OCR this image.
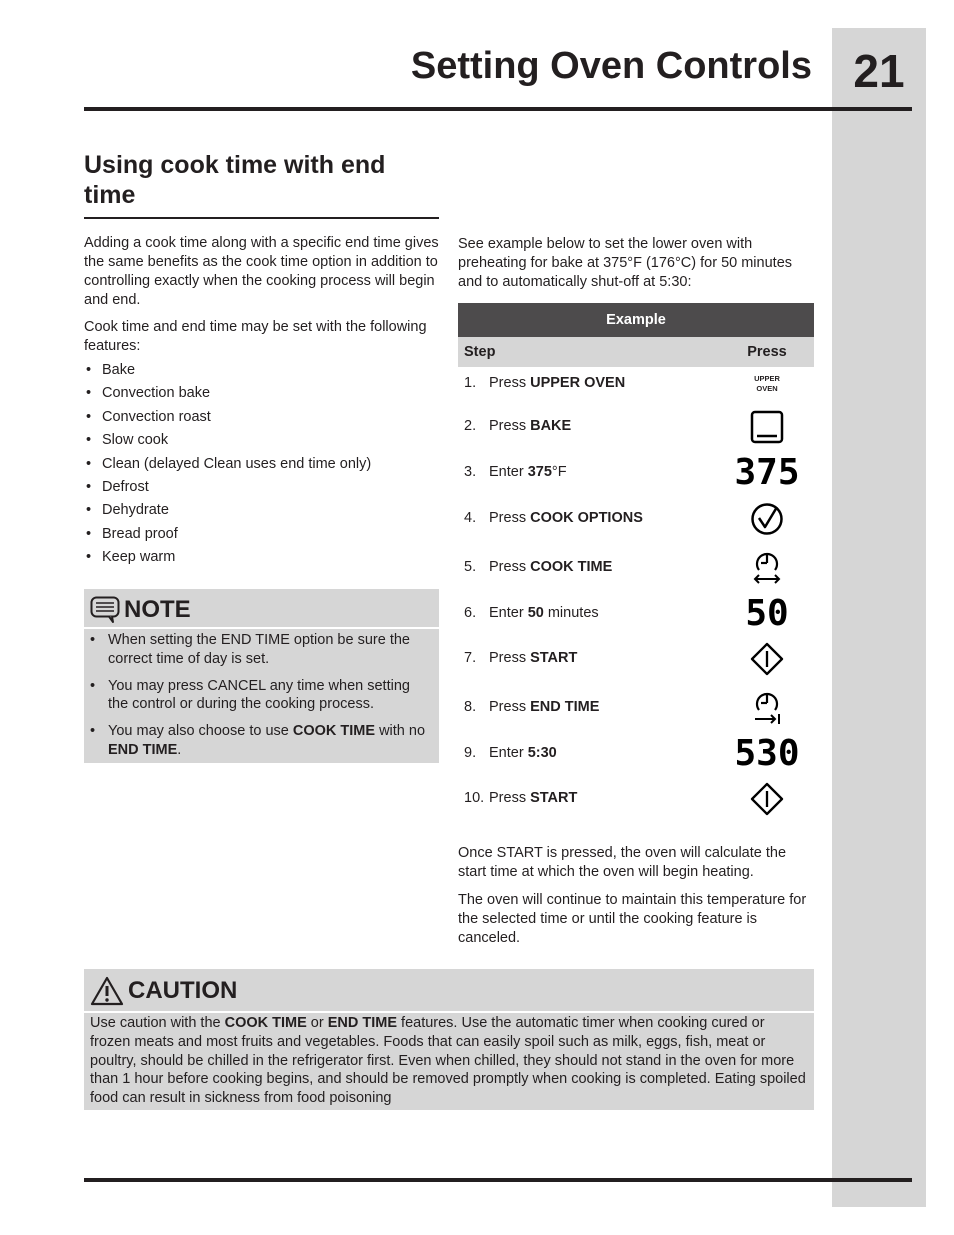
21
Setting Oven Controls
Using cook time with end time

Adding a cook time along with a specific end time gives the same benefits as the cook time option in addition to controlling exactly when the cooking process will begin and end.

Cook time and end time may be set with the following features:

• Bake
• Convection bake
• Convection roast
• Slow cook
• Clean (delayed Clean uses end time only)
• Defrost
• Dehydrate
• Bread proof
• Keep warm
NOTE
• When setting the END TIME option be sure the correct time of day is set.
• You may press CANCEL any time when setting the control or during the cooking process.
• You may also choose to use COOK TIME with no END TIME.

See example below to set the lower oven with preheating for bake at 375°F (176°C) for 50 minutes and to automatically shut-off at 5:30:

Example
Step	Press
1. Press UPPER OVEN	UPPER
OVEN
2. Press BAKE
3. Enter 375°F	375
4. Press COOK OPTIONS
5. Press COOK TIME
6. Enter 50 minutes	50
7. Press START
8. Press END TIME
9. Enter 5:30	530
10. Press START

Once START is pressed, the oven will calculate the start time at which the oven will begin heating.

The oven will continue to maintain this temperature for the selected time or until the cooking feature is canceled.

CAUTION

Use caution with the COOK TIME or END TIME features. Use the automatic timer when cooking cured or frozen meats and most fruits and vegetables. Foods that can easily spoil such as milk, eggs, fish, meat or poultry, should be chilled in the refrigerator first. Even when chilled, they should not stand in the oven for more than 1 hour before cooking begins, and should be removed promptly when cooking is completed. Eating spoiled food can result in sickness from food poisoning
